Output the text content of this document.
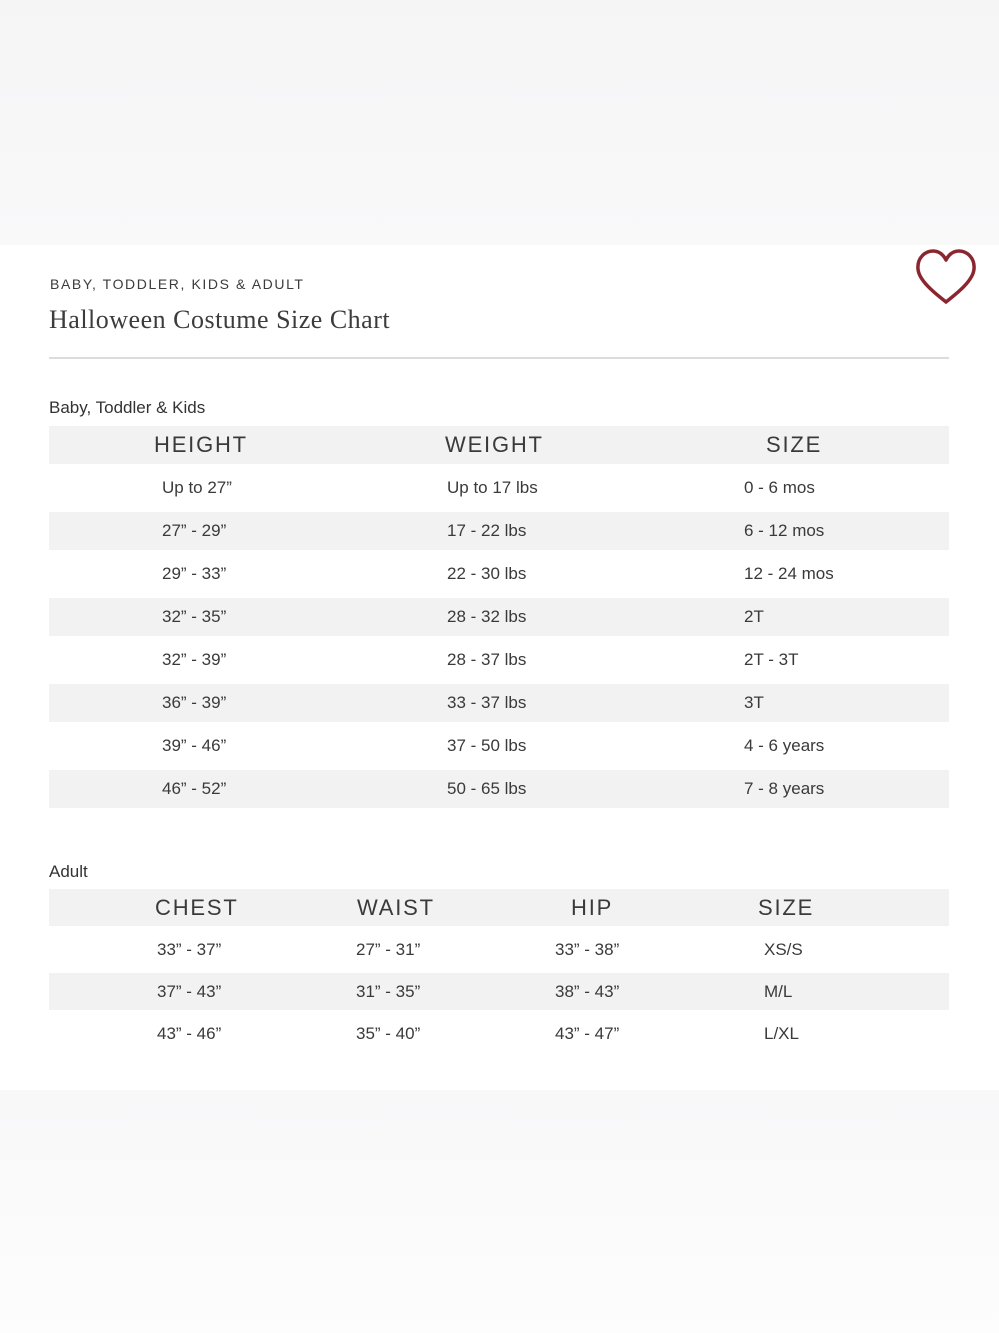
BABY, TODDLER, KIDS & ADULT
Halloween Costume Size Chart
Baby, Toddler & Kids
HEIGHT	WEIGHT	SIZE
Up to 27”	Up to 17 lbs	0 - 6 mos
27” - 29”	17 - 22 lbs	6 - 12 mos
29” - 33”	22 - 30 lbs	12 - 24 mos
32” - 35”	28 - 32 lbs	2T
32” - 39”	28 - 37 lbs	2T - 3T
36” - 39”	33 - 37 lbs	3T
39” - 46”	37 - 50 lbs	4 - 6 years
46” - 52”	50 - 65 lbs	7 - 8 years
Adult
CHEST	WAIST	HIP	SIZE
33” - 37”	27” - 31”	33” - 38”	XS/S
37” - 43”	31” - 35”	38” - 43”	M/L
43” - 46”	35” - 40”	43” - 47”	L/XL
